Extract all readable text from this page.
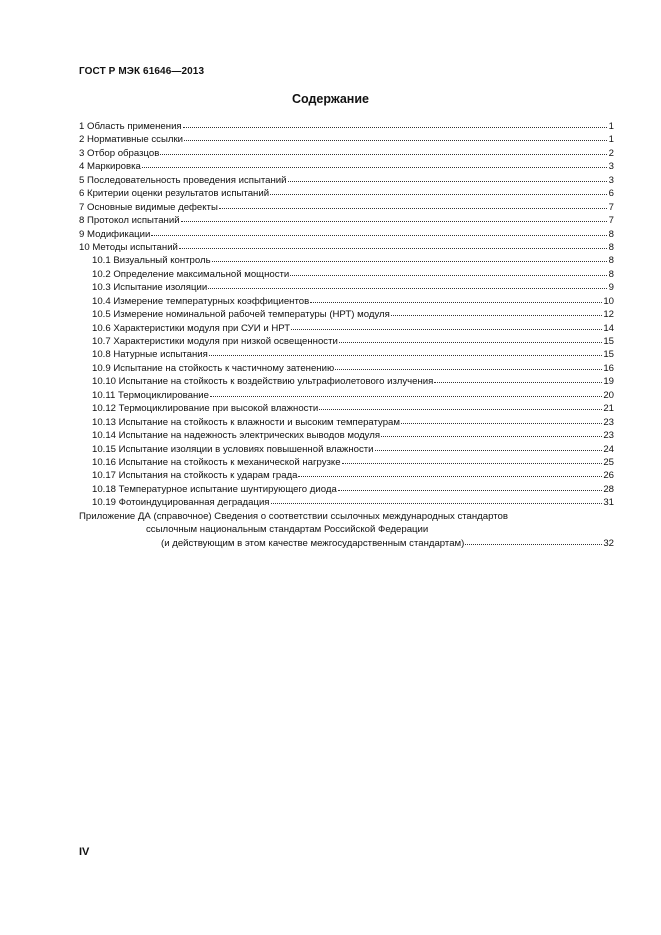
ГОСТ Р МЭК 61646—2013
Содержание
1 Область применения	1
2 Нормативные ссылки	1
3 Отбор образцов	2
4 Маркировка	3
5 Последовательность проведения испытаний	3
6 Критерии оценки результатов испытаний	6
7 Основные видимые дефекты	7
8 Протокол испытаний	7
9 Модификации	8
10 Методы испытаний	8
10.1 Визуальный контроль	8
10.2 Определение максимальной мощности	8
10.3 Испытание изоляции	9
10.4 Измерение температурных коэффициентов	10
10.5 Измерение номинальной рабочей температуры (НРТ) модуля	12
10.6 Характеристики модуля при СУИ и НРТ	14
10.7 Характеристики модуля при низкой освещенности	15
10.8 Натурные испытания	15
10.9 Испытание на стойкость к частичному затенению	16
10.10 Испытание на стойкость к воздействию ультрафиолетового излучения	19
10.11 Термоциклирование	20
10.12 Термоциклирование при высокой влажности	21
10.13 Испытание на стойкость к влажности и высоким температурам	23
10.14 Испытание на надежность электрических выводов модуля	23
10.15 Испытание изоляции в условиях повышенной влажности	24
10.16 Испытание на стойкость к механической нагрузке	25
10.17 Испытания на стойкость к ударам града	26
10.18 Температурное испытание шунтирующего диода	28
10.19 Фотоиндуцированная деградация	31
Приложение ДА (справочное) Сведения о соответствии ссылочных международных стандартов
ссылочным национальным стандартам Российской Федерации
(и действующим в этом качестве межгосударственным стандартам)	32
IV
